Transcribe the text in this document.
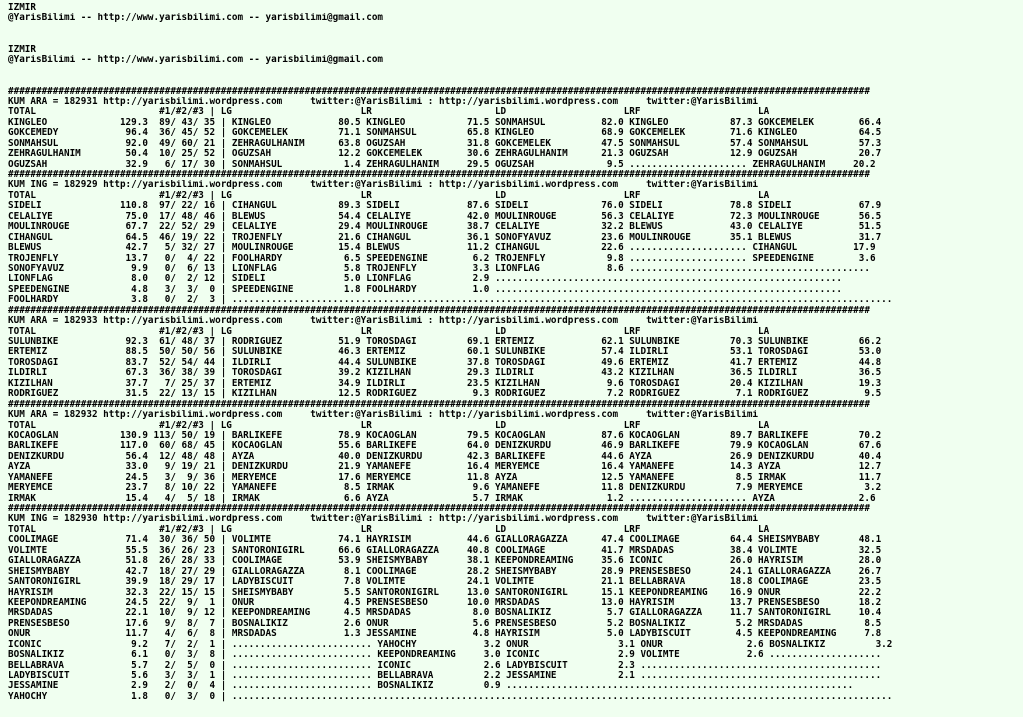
IZMIR
@YarisBilimi -- http://www.yarisbilimi.com -- yarisbilimi@gmail.com
IZMIR
@YarisBilimi -- http://www.yarisbilimi.com -- yarisbilimi@gmail.com
##########################################################################################################################################################
KUM ARA = 182931 http://yarisbilimi.wordpress.com     twitter:@YarisBilimi : http://yarisbilimi.wordpress.com     twitter:@YarisBilimi
TOTAL                      #1/#2/#3 | LG                       LR                      LD                     LRF                     LA
KINGLEO             129.3  89/ 43/ 35 | KINGLEO            80.5 KINGLEO           71.5 SONMAHSUL          82.0 KINGLEO           87.3 GOKCEMELEK        66.4
GOKCEMEDY            96.4  36/ 45/ 52 | GOKCEMELEK         71.1 SONMAHSUL         65.8 KINGLEO            68.9 GOKCEMELEK        71.6 KINGLEO           64.5
SONMAHSUL            92.0  49/ 60/ 21 | ZEHRAGULHANIM      63.8 OGUZSAH           31.8 GOKCEMELEK         47.5 SONMAHSUL         57.4 SONMAHSUL         57.3
ZEHRAGULHANIM        50.4  10/ 25/ 52 | OGUZSAH            12.2 GOKCEMELEK        30.6 ZEHRAGULHANIM      21.3 OGUZSAH           12.9 OGUZSAH           20.7
OGUZSAH              32.9   6/ 17/ 30 | SONMAHSUL           1.4 ZEHRAGULHANIM     29.5 OGUZSAH             9.5 ..................... ZEHRAGULHANIM     20.2
##########################################################################################################################################################
KUM ING = 182929 http://yarisbilimi.wordpress.com     twitter:@YarisBilimi : http://yarisbilimi.wordpress.com     twitter:@YarisBilimi
TOTAL                      #1/#2/#3 | LG                       LR                      LD                     LRF                     LA
SIDELI              110.8  97/ 22/ 16 | CIHANGUL           89.3 SIDELI            87.6 SIDELI             76.0 SIDELI            78.8 SIDELI            67.9
CELALIYE             75.0  17/ 48/ 46 | BLEWUS             54.4 CELALIYE          42.0 MOULINROUGE        56.3 CELALIYE          72.3 MOULINROUGE       56.5
MOULINROUGE          67.7  22/ 52/ 29 | CELALIYE           29.4 MOULINROUGE       38.7 CELALIYE           32.2 BLEWUS            43.0 CELALIYE          51.5
CIHANGUL             64.5  46/ 19/ 22 | TROJENFLY          21.6 CIHANGUL          36.1 SONOFYAVUZ         23.6 MOULINROUGE       35.1 BLEWUS            31.7
BLEWUS               42.7   5/ 32/ 27 | MOULINROUGE        15.4 BLEWUS            11.2 CIHANGUL           22.6 ..................... CIHANGUL          17.9
TROJENFLY            13.7   0/  4/ 22 | FOOLHARDY           6.5 SPEEDENGINE        6.2 TROJENFLY           9.8 ..................... SPEEDENGINE        3.6
SONOFYAVUZ            9.9   0/  6/ 13 | LIONFLAG            5.8 TROJENFLY          3.3 LIONFLAG            8.6 ...........................................
LIONFLAG              8.0   0/  2/ 12 | SIDELI              5.0 LIONFLAG           2.9 ..............................................................
SPEEDENGINE           4.8   3/  3/  0 | SPEEDENGINE         1.8 FOOLHARDY          1.0 ..............................................................
FOOLHARDY             3.8   0/  2/  3 | ......................................................................................................................
##########################################################################################################################################################
KUM ARA = 182933 http://yarisbilimi.wordpress.com     twitter:@YarisBilimi : http://yarisbilimi.wordpress.com     twitter:@YarisBilimi
TOTAL                      #1/#2/#3 | LG                       LR                      LD                     LRF                     LA
SULUNBIKE            92.3  61/ 48/ 37 | RODRIGUEZ          51.9 TOROSDAGI         69.1 ERTEMIZ            62.1 SULUNBIKE         70.3 SULUNBIKE         66.2
ERTEMIZ              88.5  50/ 50/ 56 | SULUNBIKE          46.3 ERTEMIZ           60.1 SULUNBIKE          57.4 ILDIRLI           53.1 TOROSDAGI         53.0
TOROSDAGI            83.7  52/ 54/ 44 | ILDIRLI            44.4 SULUNBIKE         37.8 TOROSDAGI          49.6 ERTEMIZ           41.7 ERTEMIZ           44.8
ILDIRLI              67.3  36/ 38/ 39 | TOROSDAGI          39.2 KIZILHAN          29.3 ILDIRLI            43.2 KIZILHAN          36.5 ILDIRLI           36.5
KIZILHAN             37.7   7/ 25/ 37 | ERTEMIZ            34.9 ILDIRLI           23.5 KIZILHAN            9.6 TOROSDAGI         20.4 KIZILHAN          19.3
RODRIGUEZ            31.5  22/ 13/ 15 | KIZILHAN           12.5 RODRIGUEZ          9.3 RODRIGUEZ           7.2 RODRIGUEZ          7.1 RODRIGUEZ          9.5
##########################################################################################################################################################
KUM ARA = 182932 http://yarisbilimi.wordpress.com     twitter:@YarisBilimi : http://yarisbilimi.wordpress.com     twitter:@YarisBilimi
TOTAL                      #1/#2/#3 | LG                       LR                      LD                     LRF                     LA
KOCAOGLAN           130.9 113/ 50/ 19 | BARLIKEFE          78.9 KOCAOGLAN         79.5 KOCAOGLAN          87.6 KOCAOGLAN         89.7 BARLIKEFE         70.2
BARLIKEFE           117.0  60/ 68/ 45 | KOCAOGLAN          55.6 BARLIKEFE         64.0 DENIZKURDU         46.9 BARLIKEFE         79.9 KOCAOGLAN         67.6
DENIZKURDU           56.4  12/ 48/ 48 | AYZA               40.0 DENIZKURDU        42.3 BARLIKEFE          44.6 AYZA              26.9 DENIZKURDU        40.4
AYZA                 33.0   9/ 19/ 21 | DENIZKURDU         21.9 YAMANEFE          16.4 MERYEMCE           16.4 YAMANEFE          14.3 AYZA              12.7
YAMANEFE             24.5   3/  9/ 36 | MERYEMCE           17.6 MERYEMCE          11.8 AYZA               12.5 YAMANEFE           8.5 IRMAK             11.7
MERYEMCE             23.7   8/ 10/ 22 | YAMANEFE            8.5 IRMAK              9.6 YAMANEFE           11.8 DENIZKURDU         7.9 MERYEMCE           3.2
IRMAK                15.4   4/  5/ 18 | IRMAK               6.6 AYZA               5.7 IRMAK               1.2 ..................... AYZA               2.6
##########################################################################################################################################################
KUM ING = 182930 http://yarisbilimi.wordpress.com     twitter:@YarisBilimi : http://yarisbilimi.wordpress.com     twitter:@YarisBilimi
TOTAL                      #1/#2/#3 | LG                       LR                      LD                     LRF                     LA
COOLIMAGE            71.4  30/ 36/ 50 | VOLIMTE            74.1 HAYRISIM          44.6 GIALLORAGAZZA      47.4 COOLIMAGE         64.4 SHEISMYBABY       48.1
VOLIMTE              55.5  36/ 26/ 23 | SANTORONIGIRL      66.6 GIALLORAGAZZA     40.8 COOLIMAGE          41.7 MRSDADAS          38.4 VOLIMTE           32.5
GIALLORAGAZZA        51.8  26/ 28/ 33 | COOLIMAGE          53.9 SHEISMYBABY       38.1 KEEPONDREAMING     35.6 ICONIC            26.0 HAYRISIM          28.0
SHEISMYBABY          42.7  18/ 27/ 29 | GIALLORAGAZZA       8.1 COOLIMAGE         28.2 SHEISMYBABY        28.9 PRENSESBESO       24.1 GIALLORAGAZZA     26.7
SANTORONIGIRL        39.9  18/ 29/ 17 | LADYBISCUIT         7.8 VOLIMTE           24.1 VOLIMTE            21.1 BELLABRAVA        18.8 COOLIMAGE         23.5
HAYRISIM             32.3  22/ 15/ 15 | SHEISMYBABY         5.5 SANTORONIGIRL     13.0 SANTORONIGIRL      15.1 KEEPONDREAMING    16.9 ONUR              22.2
KEEPONDREAMING       24.5  22/  9/  1 | ONUR                4.5 PRENSESBESO       10.0 MRSDADAS           13.0 HAYRISIM          13.7 PRENSESBESO       18.2
MRSDADAS             22.1  10/  9/ 12 | KEEPONDREAMING      4.5 MRSDADAS           8.0 BOSNALIKIZ          5.7 GIALLORAGAZZA     11.7 SANTORONIGIRL     10.4
PRENSESBESO          17.6   9/  8/  7 | BOSNALIKIZ          2.6 ONUR               5.6 PRENSESBESO         5.2 BOSNALIKIZ         5.2 MRSDADAS           8.5
ONUR                 11.7   4/  6/  8 | MRSDADAS            1.3 JESSAMINE          4.8 HAYRISIM            5.0 LADYBISCUIT        4.5 KEEPONDREAMING     7.8
ICONIC                9.2   7/  2/  1 | ......................... YAHOCHY            3.2 ONUR                3.1 ONUR               2.6 BOSNALIKIZ         3.2
BOSNALIKIZ            6.1   0/  3/  8 | ......................... KEEPONDREAMING     3.0 ICONIC              2.9 VOLIMTE            2.6 ....................
BELLABRAVA            5.7   2/  5/  0 | ......................... ICONIC             2.6 LADYBISCUIT         2.3 ...........................................
LADYBISCUIT           5.6   3/  3/  1 | ......................... BELLABRAVA         2.2 JESSAMINE           2.1 ...........................................
JESSAMINE             2.9   2/  0/  4 | ......................... BOSNALIKIZ         0.9 ..............................................................
YAHOCHY               1.8   0/  3/  0 | ......................................................................................................................
